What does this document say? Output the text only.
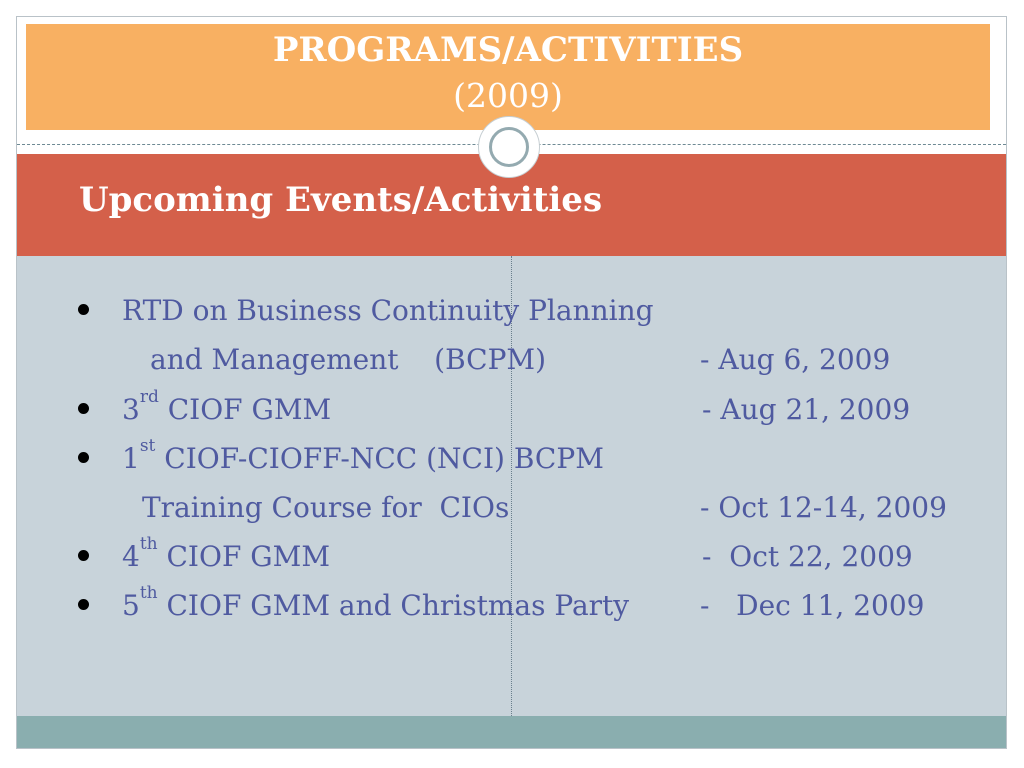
PROGRAMS/ACTIVITIES
(2009)
Upcoming Events/Activities
RTD on Business Continuity Planning
and Management    (BCPM)	- Aug 6, 2009
3rd CIOF GMM	- Aug 21, 2009
1st CIOF-CIOFF-NCC (NCI) BCPM
Training Course for  CIOs	- Oct 12-14, 2009
4th CIOF GMM	-  Oct 22, 2009
5th CIOF GMM and Christmas Party	-   Dec 11, 2009
